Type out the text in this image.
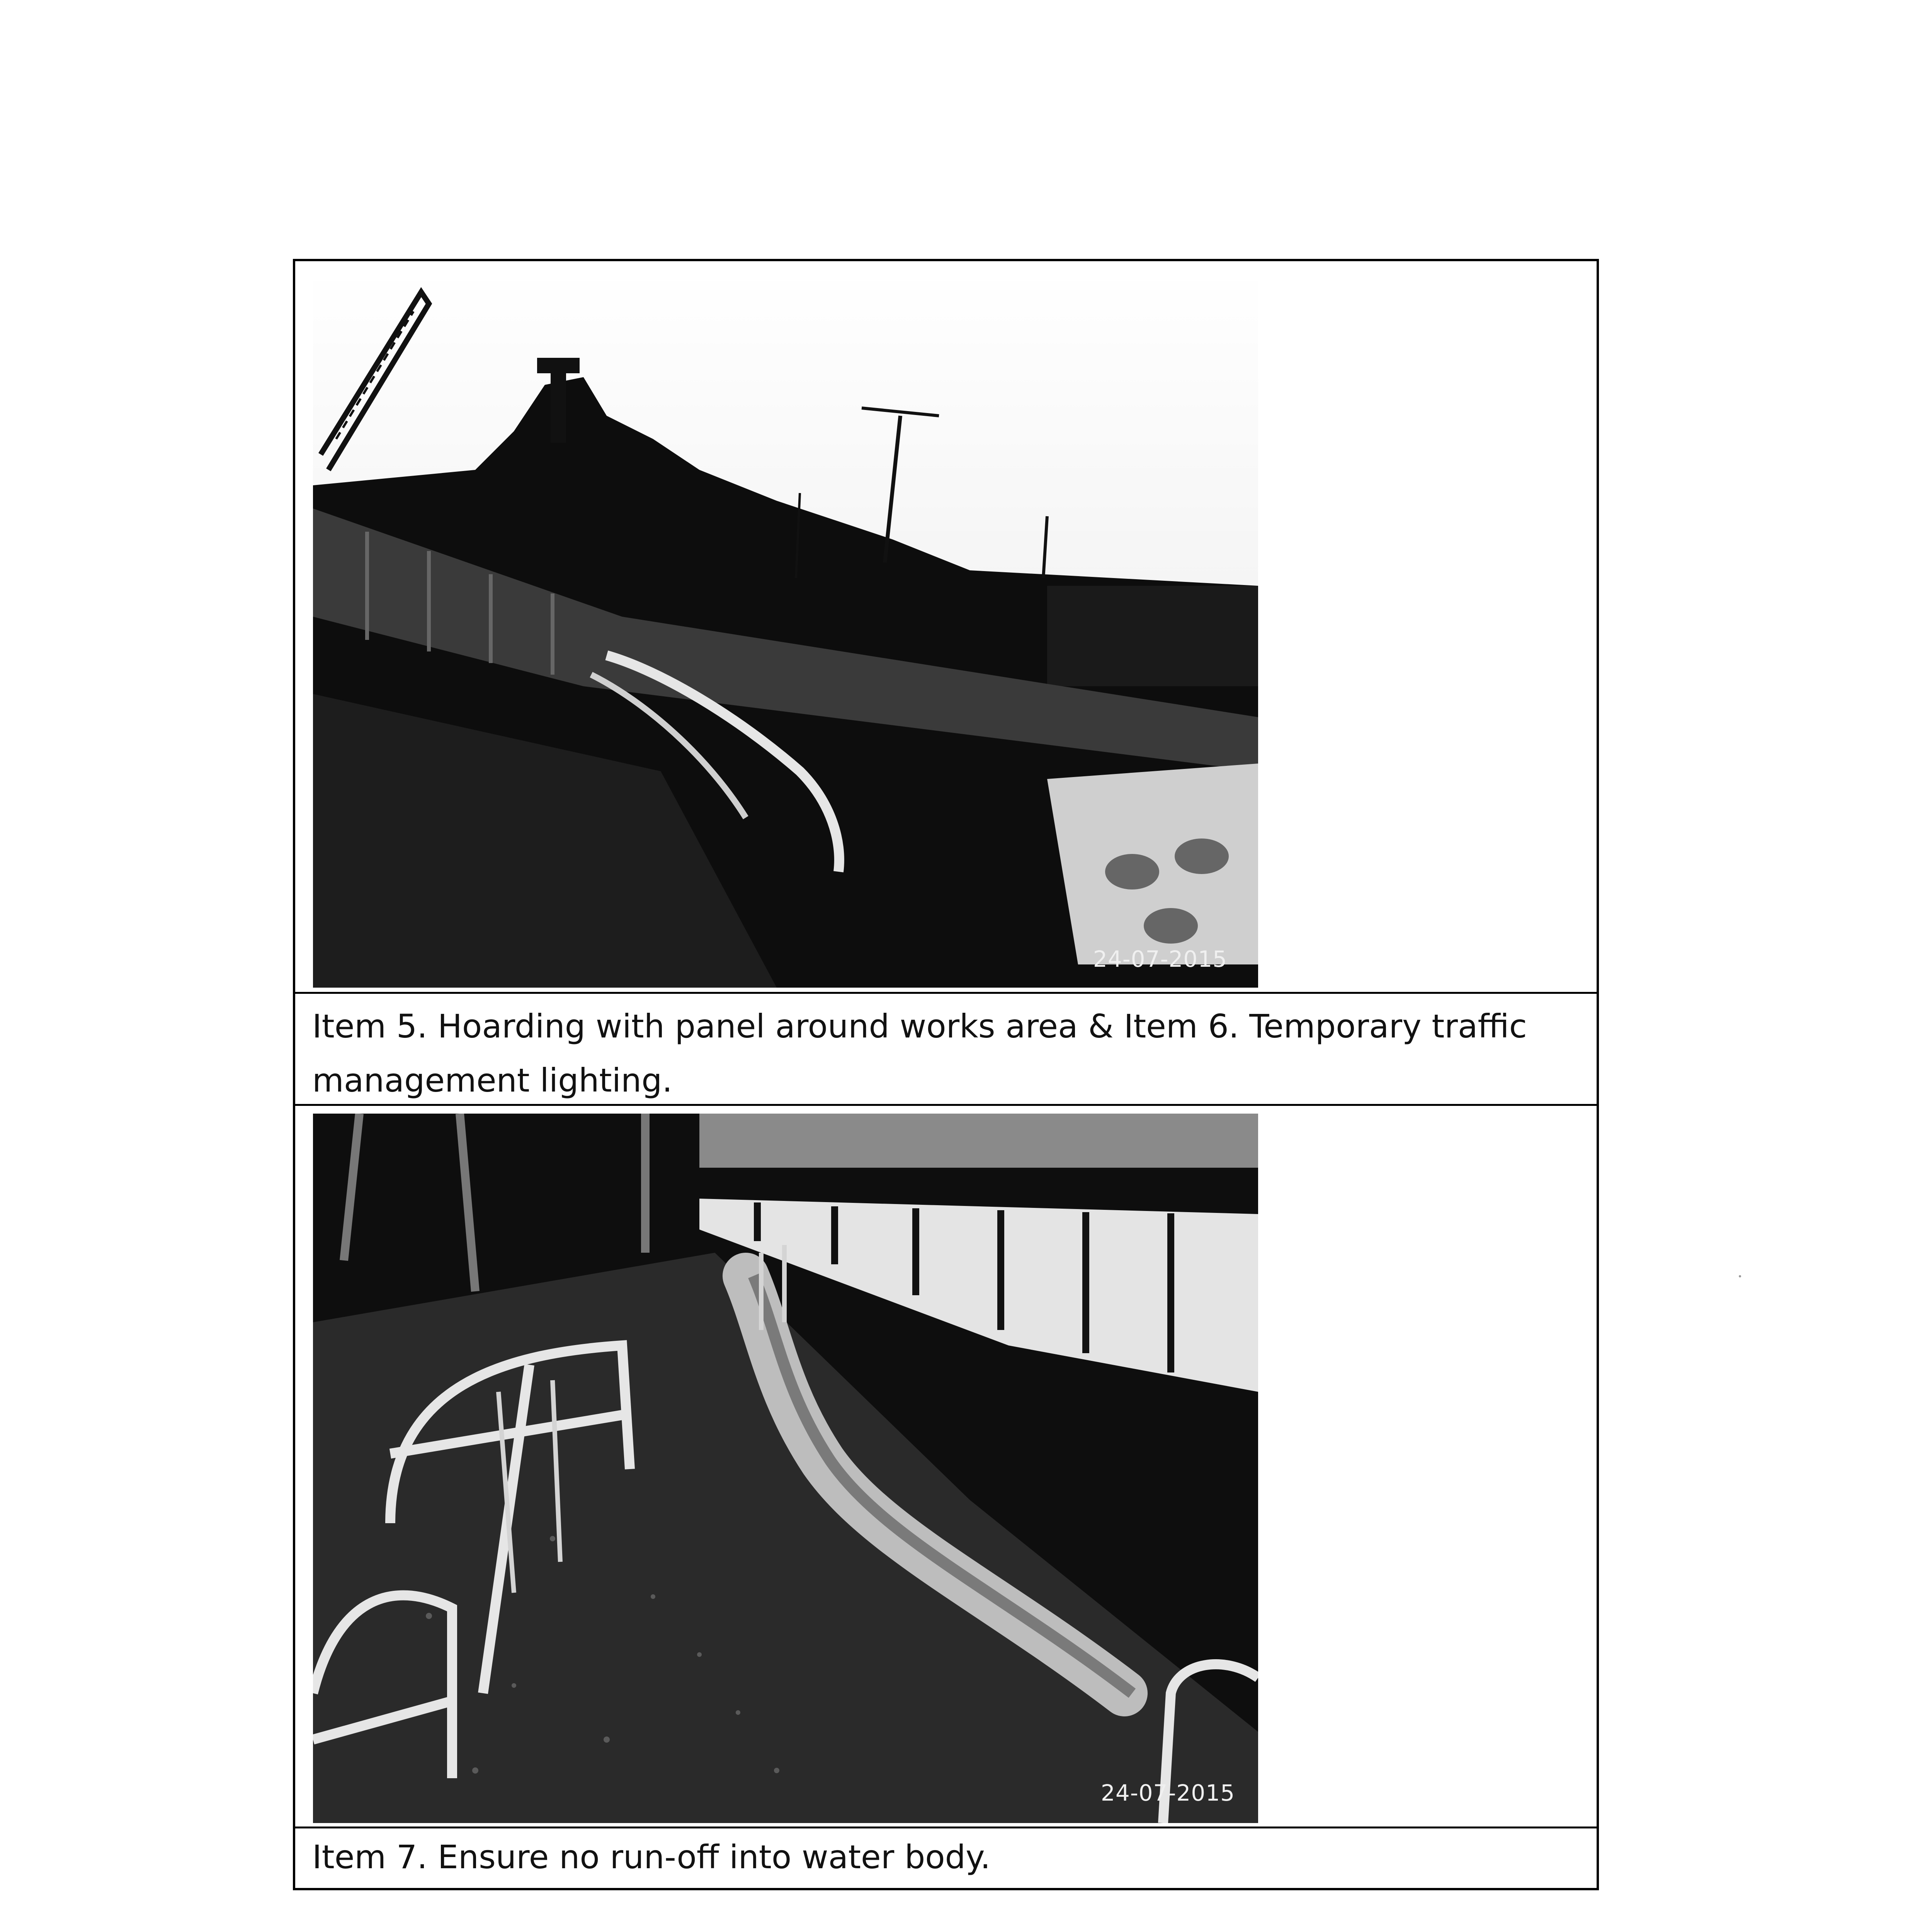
24-07-2015
Item 5. Hoarding with panel around works area & Item 6. Temporary traffic management lighting.
24-07-2015
Item 7. Ensure no run-off into water body.
